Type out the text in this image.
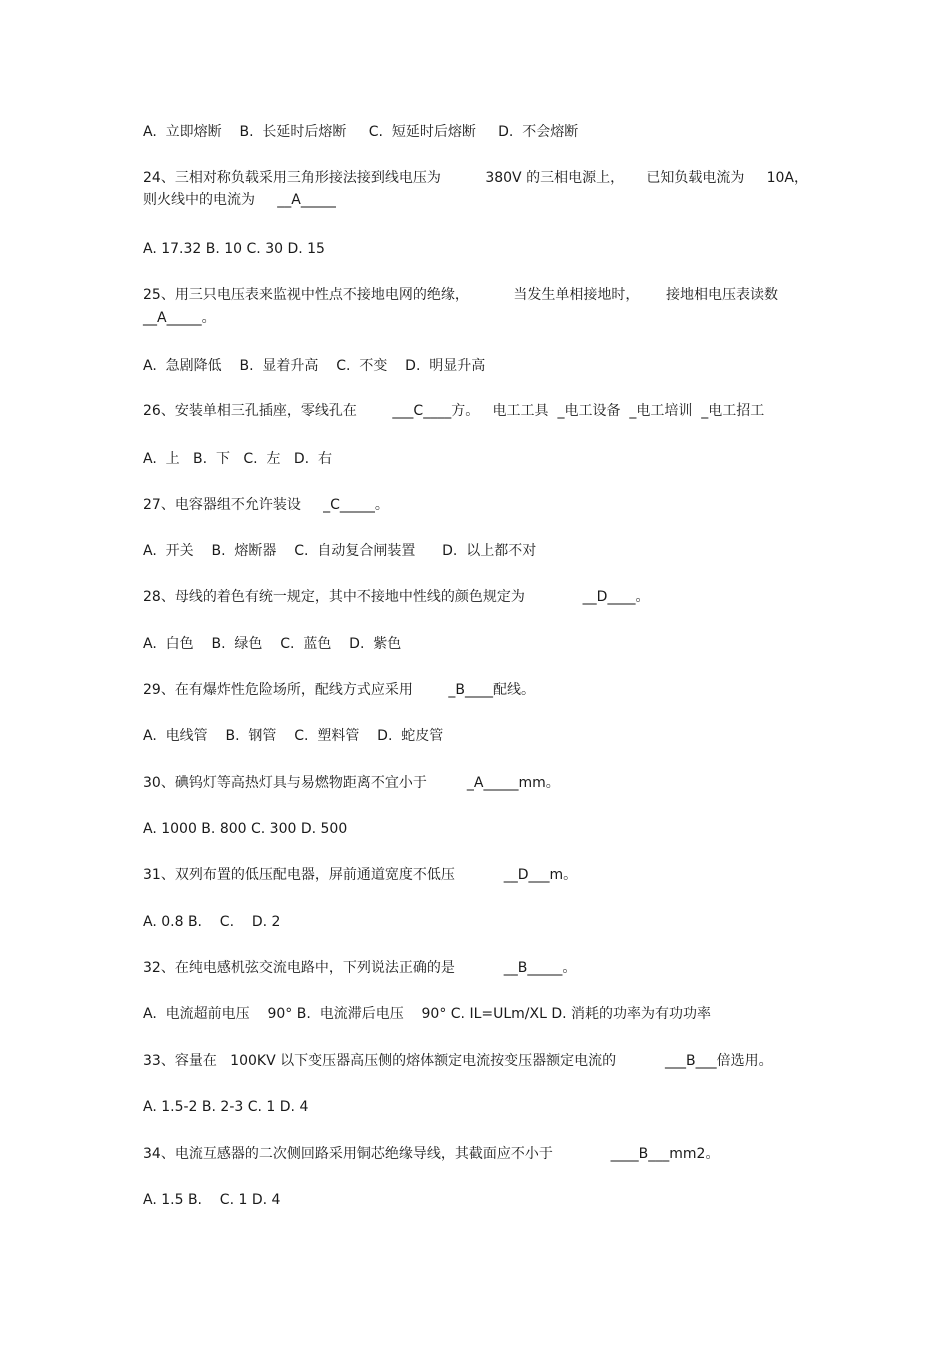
A.  立即熔断    B.  长延时后熔断     C.  短延时后熔断     D.  不会熔断
24、三相对称负载采用三角形接法接到线电压为          380V 的三相电源上，     已知负载电流为     10A，
则火线中的电流为     __A_____
A. 17.32 B. 10 C. 30 D. 15
25、用三只电压表来监视中性点不接地电网的绝缘，          当发生单相接地时，      接地相电压表读数
__A_____。
A.  急剧降低    B.  显着升高    C.  不变    D.  明显升高
26、安装单相三孔插座，零线孔在        ___C____方。   电工工具  _电工设备  _电工培训  _电工招工
A.  上   B.  下   C.  左   D.  右
27、电容器组不允许装设     _C_____。
A.  开关    B.  熔断器    C.  自动复合闸装置      D.  以上都不对
28、母线的着色有统一规定，其中不接地中性线的颜色规定为             __D____。
A.  白色    B.  绿色    C.  蓝色    D.  紫色
29、在有爆炸性危险场所，配线方式应采用        _B____配线。
A.  电线管    B.  钢管    C.  塑料管    D.  蛇皮管
30、碘钨灯等高热灯具与易燃物距离不宜小于         _A_____mm。
A. 1000 B. 800 C. 300 D. 500
31、双列布置的低压配电器，屏前通道宽度不低压           __D___m。
A. 0.8 B.    C.    D. 2
32、在纯电感机弦交流电路中，下列说法正确的是           __B_____。
A.  电流超前电压    90° B.  电流滞后电压    90° C. IL=ULm/XL D. 消耗的功率为有功功率
33、容量在   100KV 以下变压器高压侧的熔体额定电流按变压器额定电流的           ___B___倍选用。
A. 1.5-2 B. 2-3 C. 1 D. 4
34、电流互感器的二次侧回路采用铜芯绝缘导线，其截面应不小于             ____B___mm2。
A. 1.5 B.    C. 1 D. 4
